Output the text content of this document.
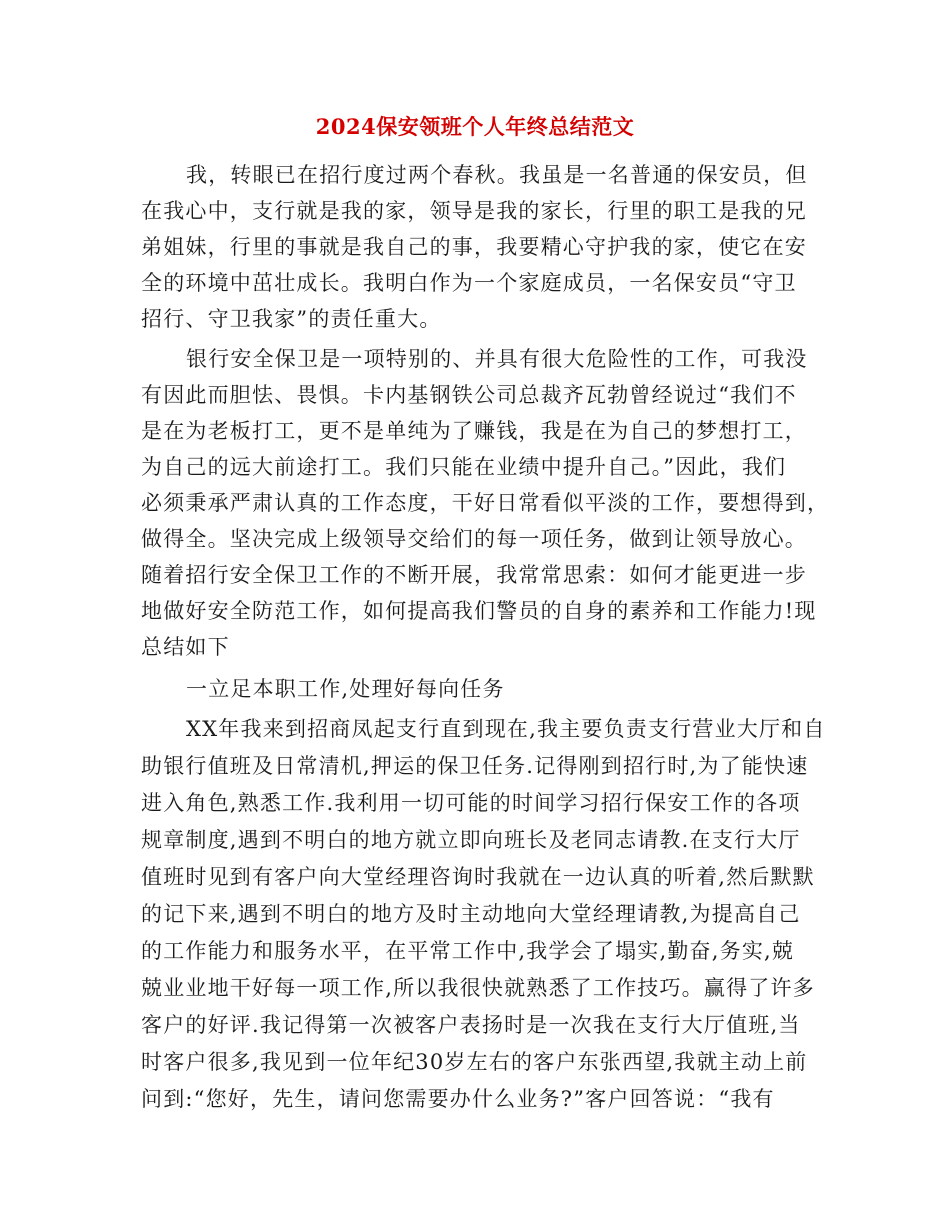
2024保安领班个人年终总结范文
我，转眼已在招行度过两个春秋。我虽是一名普通的保安员，但
在我心中，支行就是我的家，领导是我的家长，行里的职工是我的兄
弟姐妹，行里的事就是我自己的事，我要精心守护我的家，使它在安
全的环境中茁壮成长。我明白作为一个家庭成员，一名保安员“守卫
招行、守卫我家”的责任重大。
银行安全保卫是一项特别的、并具有很大危险性的工作，可我没
有因此而胆怯、畏惧。卡内基钢铁公司总裁齐瓦勃曾经说过“我们不
是在为老板打工，更不是单纯为了赚钱，我是在为自己的梦想打工，
为自己的远大前途打工。我们只能在业绩中提升自己。”因此，我们
必须秉承严肃认真的工作态度，干好日常看似平淡的工作，要想得到，
做得全。坚决完成上级领导交给们的每一项任务，做到让领导放心。
随着招行安全保卫工作的不断开展，我常常思索：如何才能更进一步
地做好安全防范工作，如何提高我们警员的自身的素养和工作能力!现
总结如下
一立足本职工作,处理好每向任务
XX年我来到招商凤起支行直到现在,我主要负责支行营业大厅和自
助银行值班及日常清机,押运的保卫任务.记得刚到招行时,为了能快速
进入角色,熟悉工作.我利用一切可能的时间学习招行保安工作的各项
规章制度,遇到不明白的地方就立即向班长及老同志请教.在支行大厅
值班时见到有客户向大堂经理咨询时我就在一边认真的听着,然后默默
的记下来,遇到不明白的地方及时主动地向大堂经理请教,为提高自己
的工作能力和服务水平，在平常工作中,我学会了塌实,勤奋,务实,兢
兢业业地干好每一项工作,所以我很快就熟悉了工作技巧。赢得了许多
客户的好评.我记得第一次被客户表扬时是一次我在支行大厅值班,当
时客户很多,我见到一位年纪30岁左右的客户东张西望,我就主动上前
问到:“您好，先生，请问您需要办什么业务?”客户回答说：“我有
